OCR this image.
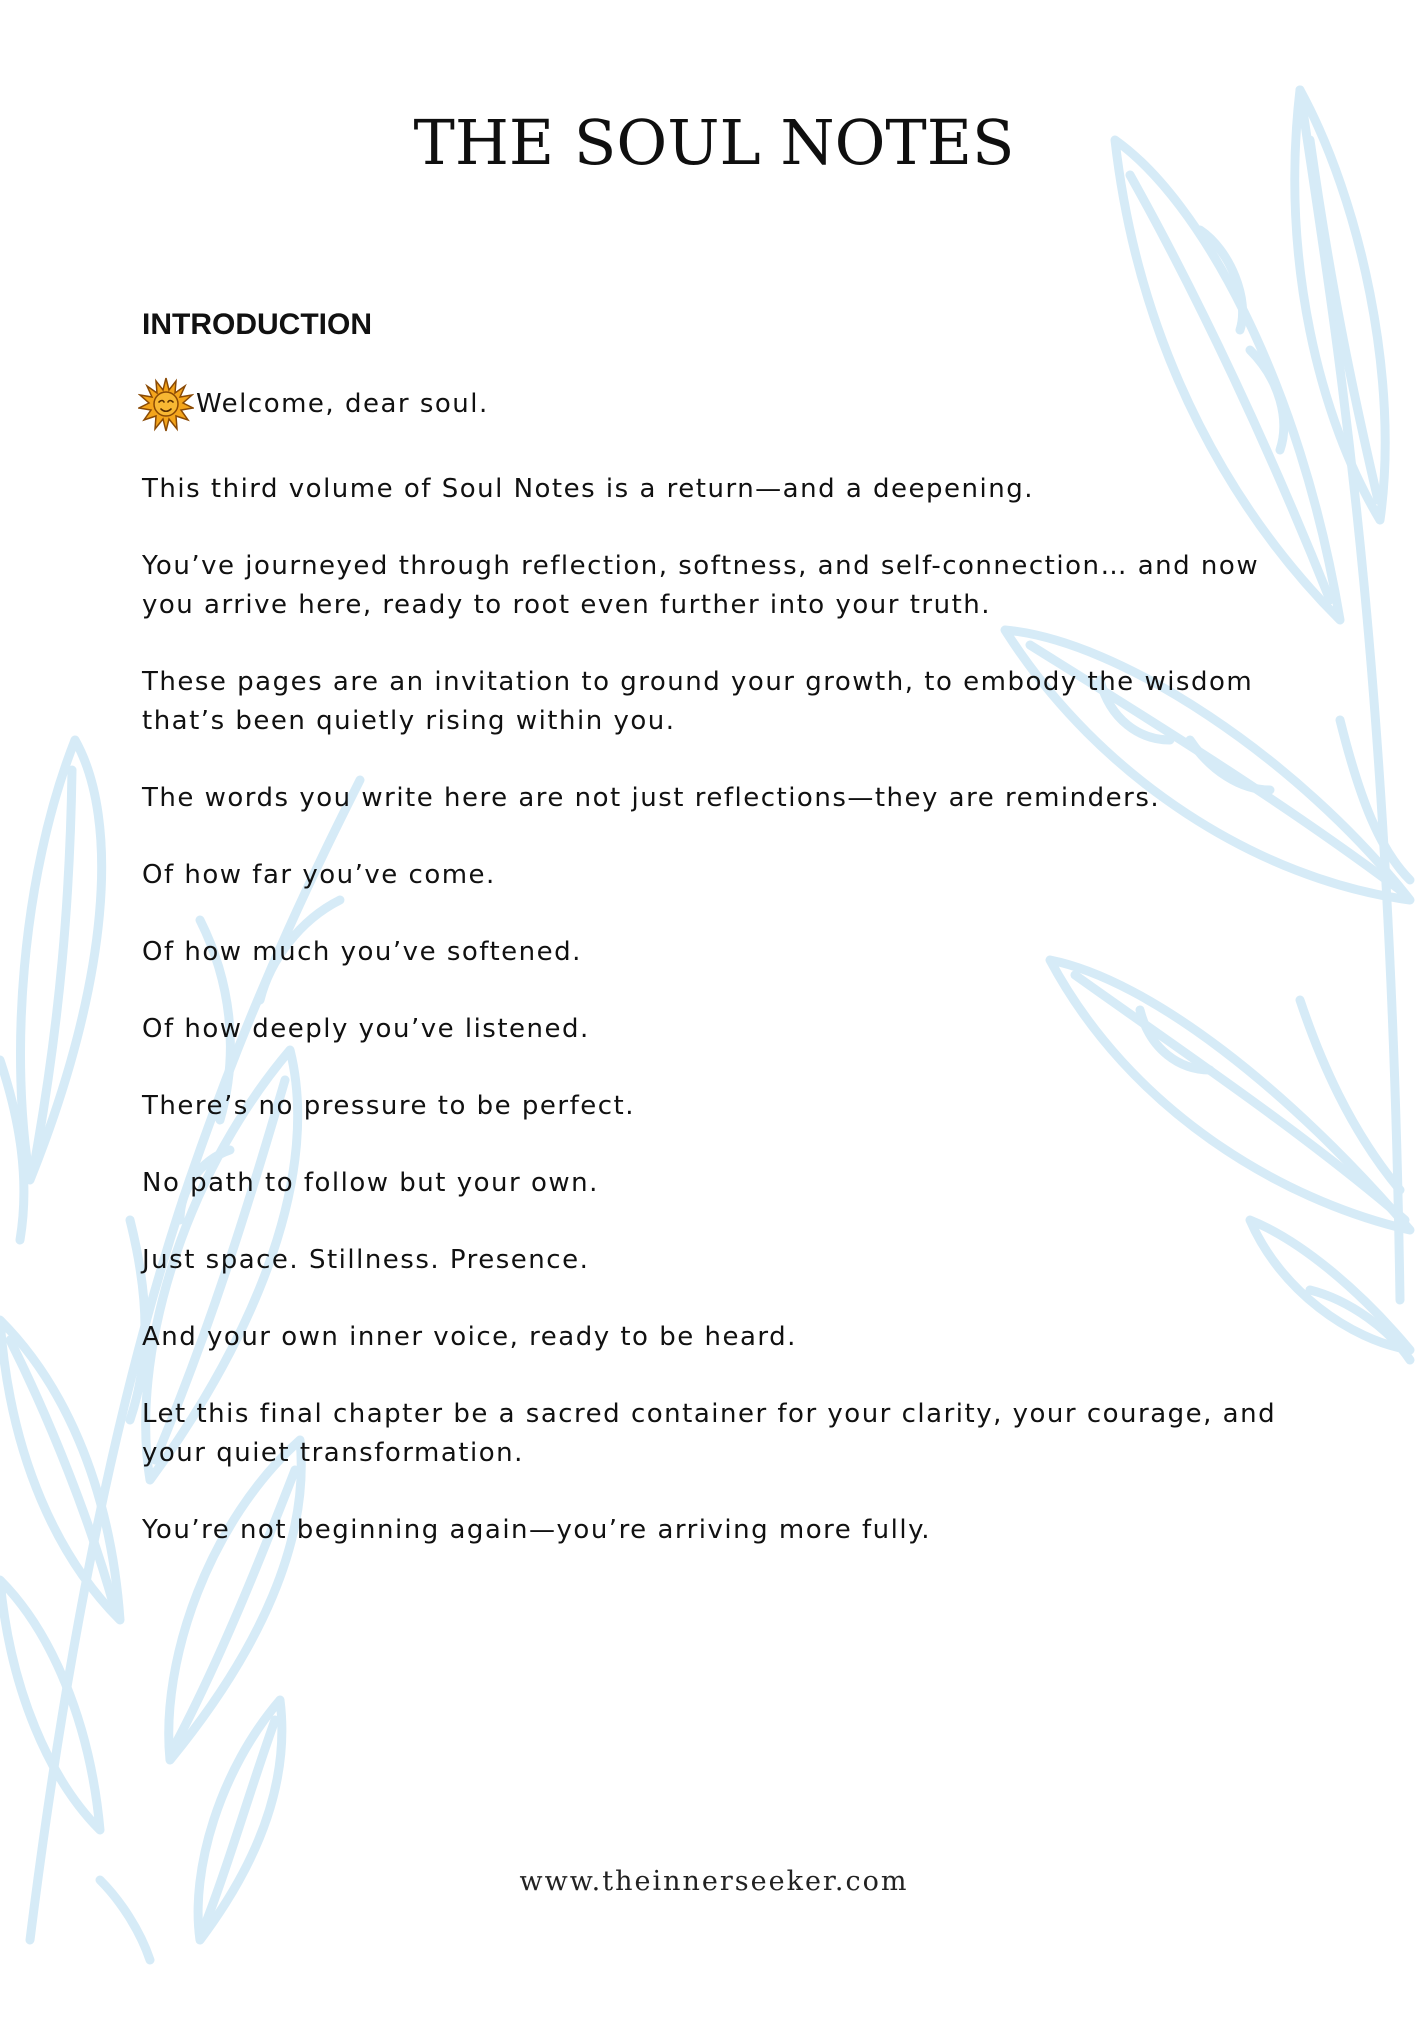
THE SOUL NOTES
INTRODUCTION

Welcome, dear soul.

This third volume of Soul Notes is a return—and a deepening.

You’ve journeyed through reflection, softness, and self-connection… and now
you arrive here, ready to root even further into your truth.

These pages are an invitation to ground your growth, to embody the wisdom
that’s been quietly rising within you.

The words you write here are not just reflections—they are reminders.

Of how far you’ve come.

Of how much you’ve softened.

Of how deeply you’ve listened.

There’s no pressure to be perfect.

No path to follow but your own.

Just space. Stillness. Presence.

And your own inner voice, ready to be heard.

Let this final chapter be a sacred container for your clarity, your courage, and
your quiet transformation.

You’re not beginning again—you’re arriving more fully.

www.theinnerseeker.com
